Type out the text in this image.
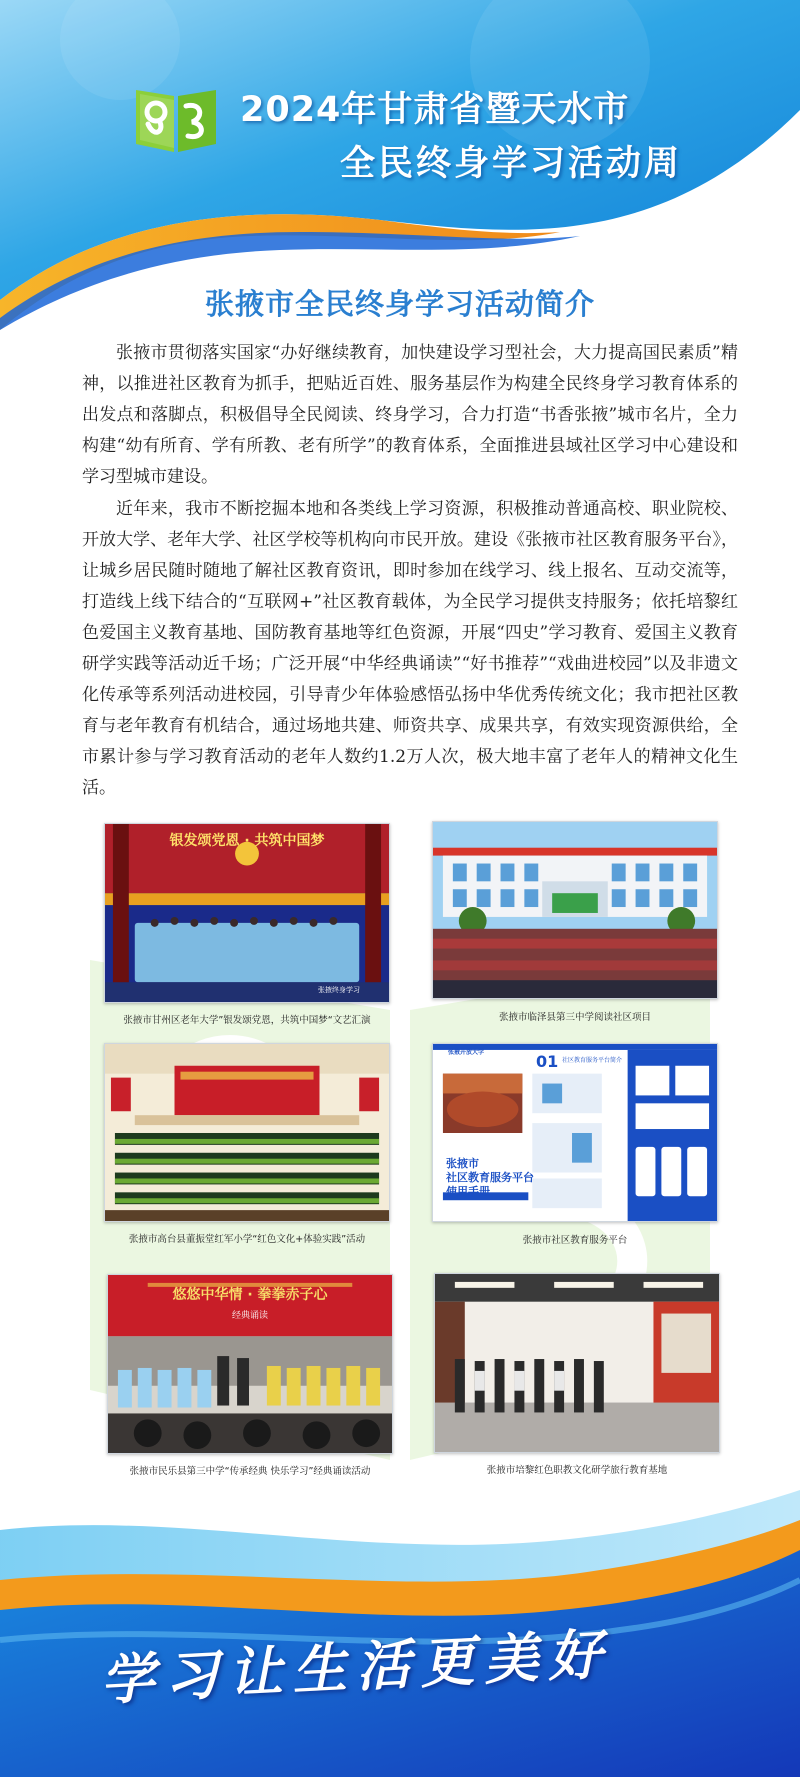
2024年甘肃省暨天水市
全民终身学习活动周
张掖市全民终身学习活动简介

张掖市贯彻落实国家“办好继续教育，加快建设学习型社会，大力提高国民素质”精神，以推进社区教育为抓手，把贴近百姓、服务基层作为构建全民终身学习教育体系的出发点和落脚点，积极倡导全民阅读、终身学习，合力打造“书香张掖”城市名片，全力构建“幼有所育、学有所教、老有所学”的教育体系，全面推进县域社区学习中心建设和学习型城市建设。

近年来，我市不断挖掘本地和各类线上学习资源，积极推动普通高校、职业院校、开放大学、老年大学、社区学校等机构向市民开放。建设《张掖市社区教育服务平台》，让城乡居民随时随地了解社区教育资讯，即时参加在线学习、线上报名、互动交流等，打造线上线下结合的“互联网+”社区教育载体，为全民学习提供支持服务；依托培黎红色爱国主义教育基地、国防教育基地等红色资源，开展“四史”学习教育、爱国主义教育研学实践等活动近千场；广泛开展“中华经典诵读”“好书推荐”“戏曲进校园”以及非遗文化传承等系列活动进校园，引导青少年体验感悟弘扬中华优秀传统文化；我市把社区教育与老年教育有机结合，通过场地共建、师资共享、成果共享，有效实现资源供给，全市累计参与学习教育活动的老年人数约1.2万人次，极大地丰富了老年人的精神文化生活。

银发颂党恩 · 共筑中国梦
张掖终身学习
张掖市甘州区老年大学”银发颂党恩，共筑中国梦“文艺汇演	张掖市临泽县第三中学阅读社区项目
张掖市高台县董振堂红军小学“红色文化+体验实践”活动
张掖开放大学	01 社区教育服务平台简介
张掖市
社区教育服务平台
使用手册
张掖市社区教育服务平台
悠悠中华情 · 拳拳赤子心
经典诵读
张掖市民乐县第三中学“传承经典 快乐学习”经典诵读活动	张掖市培黎红色职教文化研学旅行教育基地
学习让生活更美好
